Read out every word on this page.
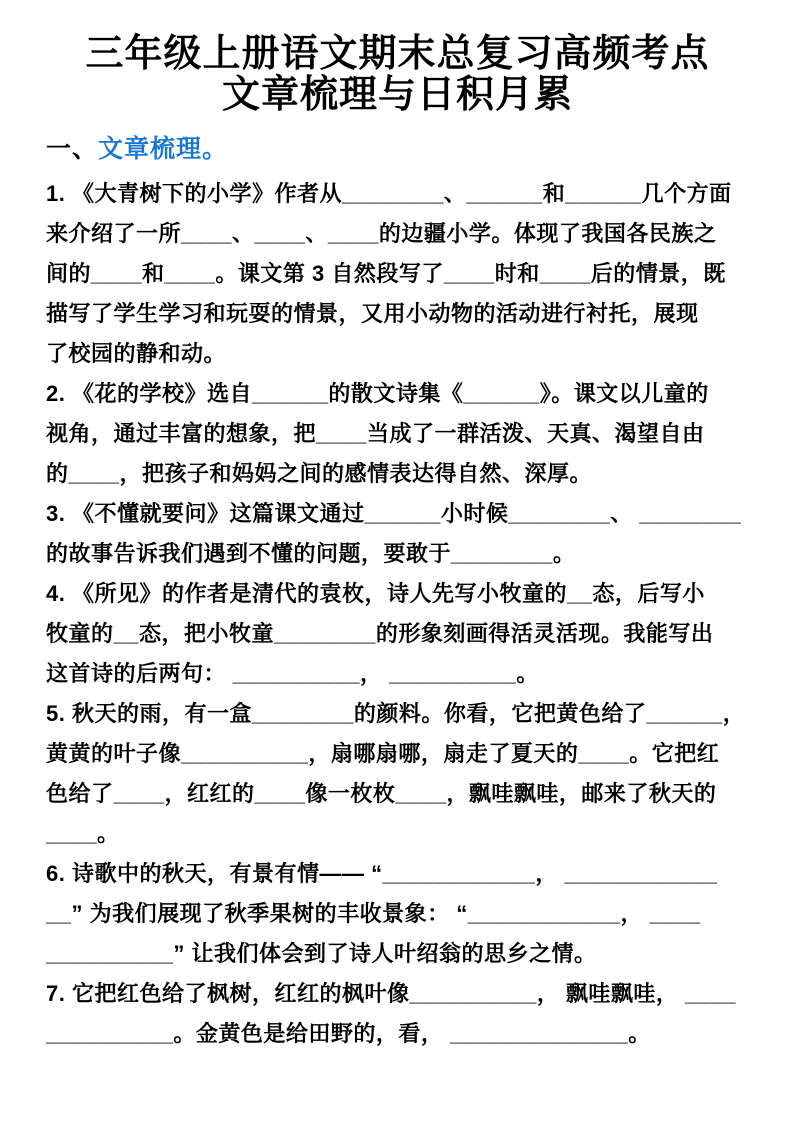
三年级上册语文期末总复习高频考点
文章梳理与日积月累
一、文章梳理。

1. 《大青树下的小学》作者从________、______和______几个方面
来介绍了一所____、____、____的边疆小学。体现了我国各民族之
间的____和____。课文第 3 自然段写了____时和____后的情景，既
描写了学生学习和玩耍的情景，又用小动物的活动进行衬托，展现
了校园的静和动。

2. 《花的学校》选自______的散文诗集《______》。课文以儿童的
视角，通过丰富的想象，把____当成了一群活泼、天真、渴望自由
的____，把孩子和妈妈之间的感情表达得自然、深厚。

3. 《不懂就要问》这篇课文通过______小时候________、 ________
的故事告诉我们遇到不懂的问题，要敢于________。

4. 《所见》的作者是清代的袁枚，诗人先写小牧童的__态，后写小
牧童的__态，把小牧童________的形象刻画得活灵活现。我能写出
这首诗的后两句： __________， __________。

5. 秋天的雨，有一盒________的颜料。你看，它把黄色给了______，
黄黄的叶子像__________，扇哪扇哪，扇走了夏天的____。它把红
色给了____，红红的____像一枚枚____，飘哇飘哇，邮来了秋天的
____。

6. 诗歌中的秋天，有景有情—— “____________， ____________
__” 为我们展现了秋季果树的丰收景象： “____________， ____
__________” 让我们体会到了诗人叶绍翁的思乡之情。

7. 它把红色给了枫树，红红的枫叶像__________， 飘哇飘哇， ____
__________。金黄色是给田野的，看， ______________。
